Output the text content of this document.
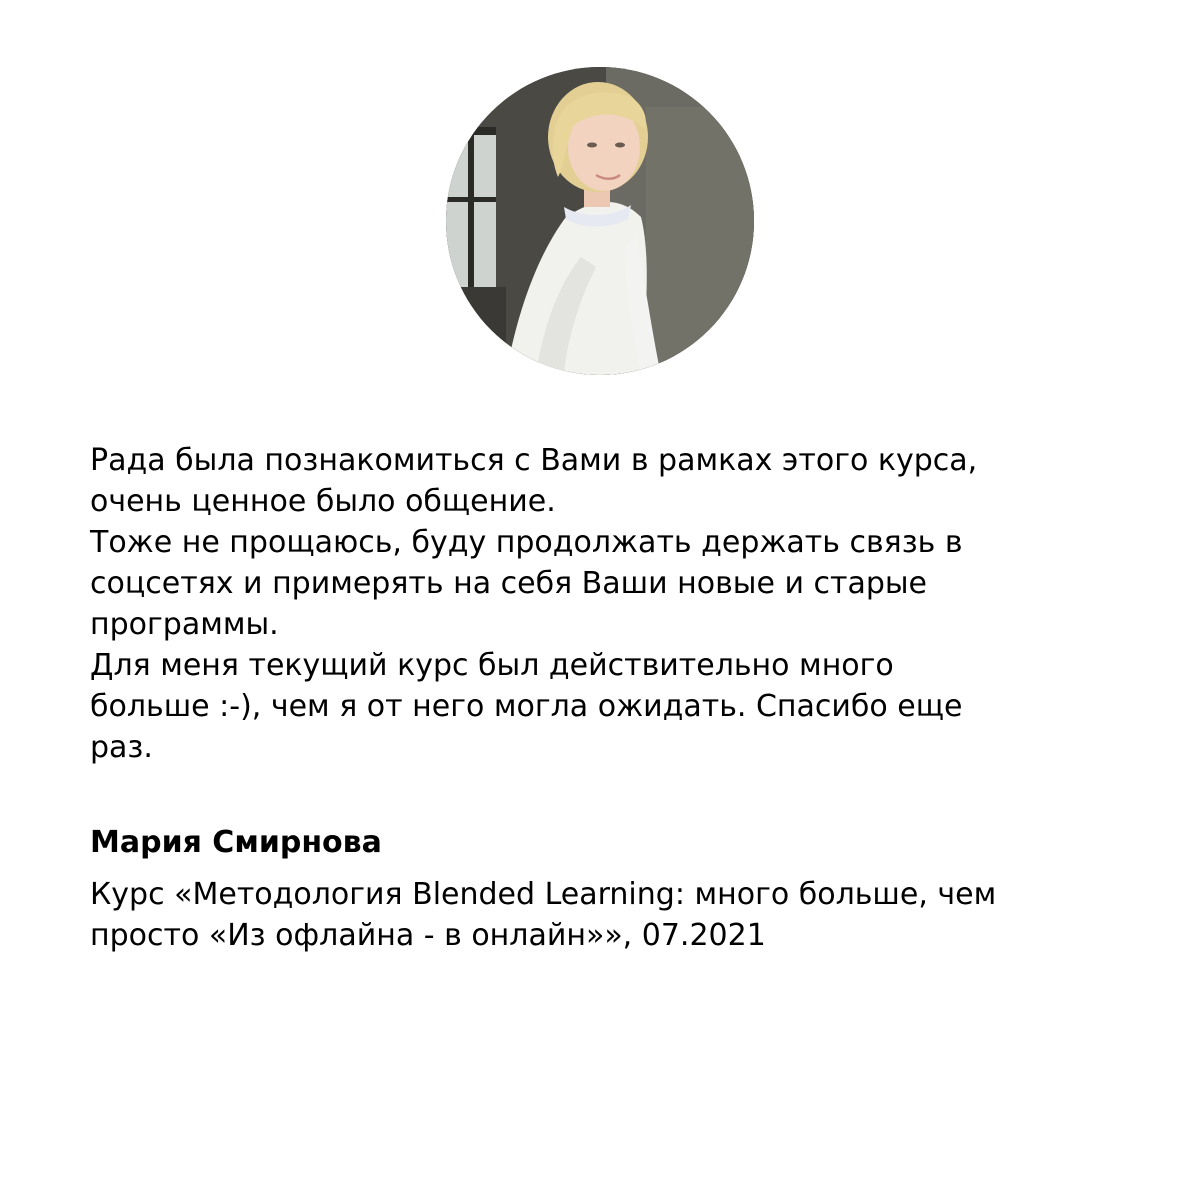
Рада была познакомиться с Вами в рамках этого курса,
очень ценное было общение.
Тоже не прощаюсь, буду продолжать держать связь в
соцсетях и примерять на себя Ваши новые и старые
программы.
Для меня текущий курс был действительно много
больше :-), чем я от него могла ожидать. Спасибо еще
раз.
Мария Смирнова
Курс «Методология Blended Learning: много больше, чем
просто «Из офлайна - в онлайн»», 07.2021
